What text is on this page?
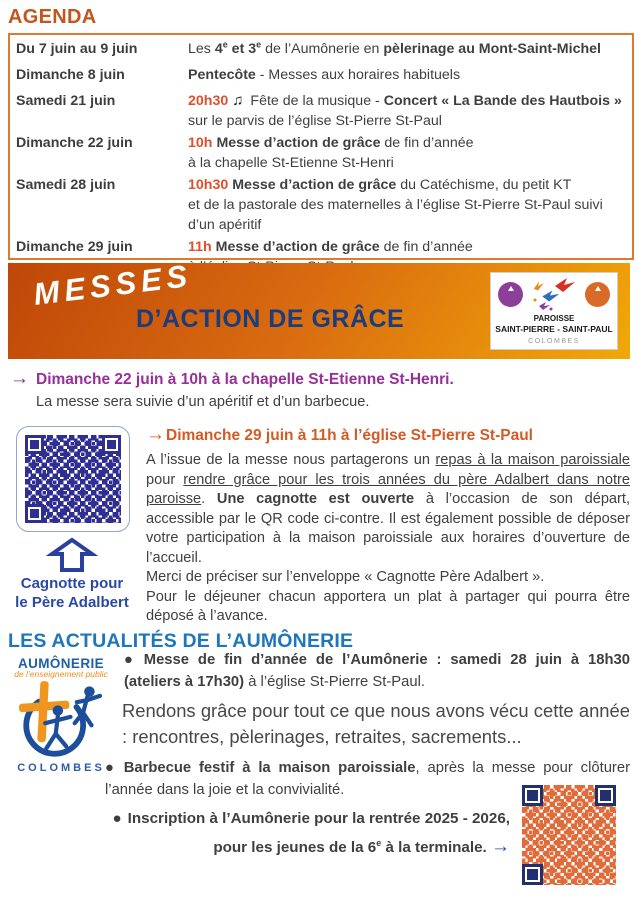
AGENDA
Du 7 juin au 9 juin	Les 4e et 3e de l’Aumônerie en pèlerinage au Mont-Saint-Michel
Dimanche 8 juin	Pentecôte - Messes aux horaires habituels
Samedi 21 juin	20h30 ♫ Fête de la musique - Concert « La Bande des Hautbois »
sur le parvis de l’église St-Pierre St-Paul
Dimanche 22 juin	10h Messe d’action de grâce de fin d’année
à la chapelle St-Etienne St-Henri
Samedi 28 juin	10h30 Messe d’action de grâce du Catéchisme, du petit KT
et de la pastorale des maternelles à l’église St-Pierre St-Paul suivi d’un apéritif
Dimanche 29 juin	11h Messe d’action de grâce de fin d’année

MESSES
D’ACTION DE GRÂCE	PAROISSE
SAINT-PIERRE - SAINT-PAUL
COLOMBES
→ Dimanche 22 juin à 10h à la chapelle St-Etienne St-Henri.
La messe sera suivie d’un apéritif et d’un barbecue.
Cagnotte pour
le Père Adalbert
→ Dimanche 29 juin à 11h à l’église St-Pierre St-Paul
A l’issue de la messe nous partagerons un repas à la maison paroissiale pour rendre grâce pour les trois années du père Adalbert dans notre paroisse. Une cagnotte est ouverte à l’occasion de son départ, accessible par le QR code ci-contre. Il est également possible de déposer votre participation à la maison paroissiale aux horaires d’ouverture de l’accueil.
Merci de préciser sur l’enveloppe « Cagnotte Père Adalbert ».
Pour le déjeuner chacun apportera un plat à partager qui pourra être déposé à l’avance.
LES ACTUALITÉS DE L’AUMÔNERIE
AUMÔNERIE
de l’enseignement public
COLOMBES
● Messe de fin d’année de l’Aumônerie : samedi 28 juin à 18h30 (ateliers à 17h30) à l’église St-Pierre St-Paul.
Rendons grâce pour tout ce que nous avons vécu cette année : rencontres, pèlerinages, retraites, sacrements...
● Barbecue festif à la maison paroissiale, après la messe pour clôturer l’année dans la joie et la convivialité.
● Inscription à l’Aumônerie pour la rentrée 2025 - 2026,
pour les jeunes de la 6e à la terminale. →
